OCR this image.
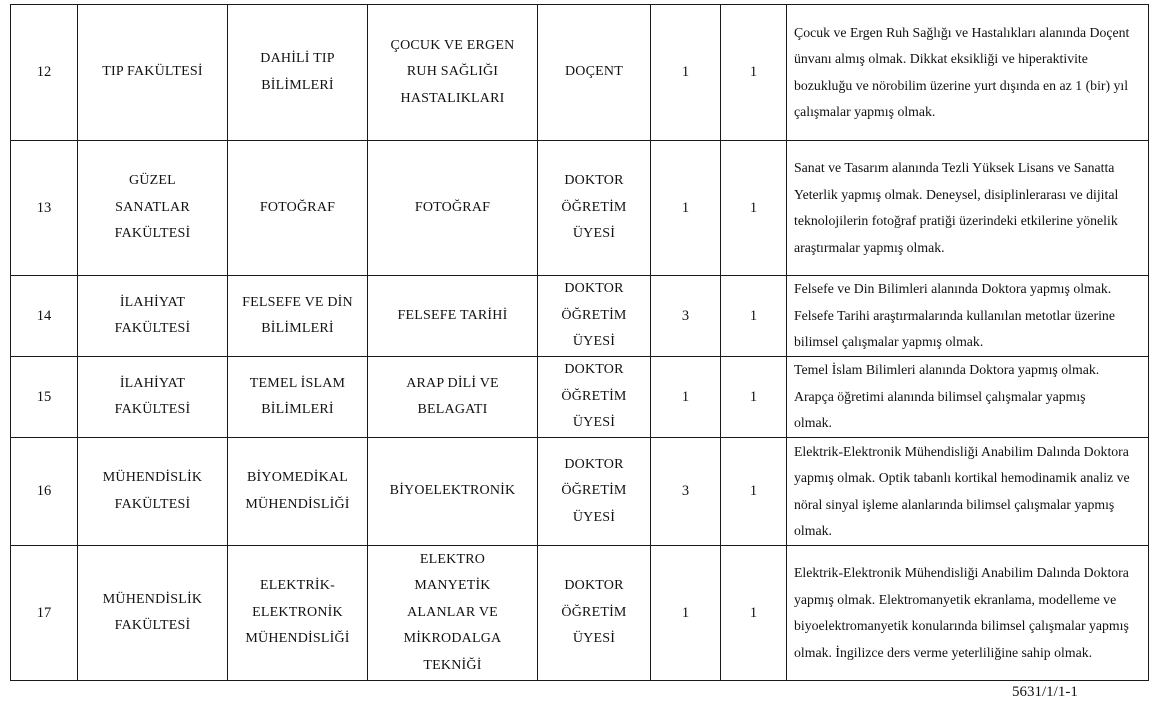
12	TIP FAKÜLTESİ	DAHİLİ TIP BİLİMLERİ	ÇOCUK VE ERGEN RUH SAĞLIĞI HASTALIKLARI	DOÇENT	1	1	Çocuk ve Ergen Ruh Sağlığı ve Hastalıkları alanında Doçent ünvanı almış olmak. Dikkat eksikliği ve hiperaktivite bozukluğu ve nörobilim üzerine yurt dışında en az 1 (bir) yıl çalışmalar yapmış olmak.
13	GÜZEL SANATLAR FAKÜLTESİ	FOTOĞRAF	FOTOĞRAF	DOKTOR ÖĞRETİM ÜYESİ	1	1	Sanat ve Tasarım alanında Tezli Yüksek Lisans ve Sanatta Yeterlik yapmış olmak. Deneysel, disiplinlerarası ve dijital teknolojilerin fotoğraf pratiği üzerindeki etkilerine yönelik araştırmalar yapmış olmak.
14	İLAHİYAT FAKÜLTESİ	FELSEFE VE DİN BİLİMLERİ	FELSEFE TARİHİ	DOKTOR ÖĞRETİM ÜYESİ	3	1	Felsefe ve Din Bilimleri alanında Doktora yapmış olmak. Felsefe Tarihi araştırmalarında kullanılan metotlar üzerine bilimsel çalışmalar yapmış olmak.
15	İLAHİYAT FAKÜLTESİ	TEMEL İSLAM BİLİMLERİ	ARAP DİLİ VE BELAGATI	DOKTOR ÖĞRETİM ÜYESİ	1	1	Temel İslam Bilimleri alanında Doktora yapmış olmak. Arapça öğretimi alanında bilimsel çalışmalar yapmış olmak.
16	MÜHENDİSLİK FAKÜLTESİ	BİYOMEDİKAL MÜHENDİSLİĞİ	BİYOELEKTRONİK	DOKTOR ÖĞRETİM ÜYESİ	3	1	Elektrik-Elektronik Mühendisliği Anabilim Dalında Doktora yapmış olmak. Optik tabanlı kortikal hemodinamik analiz ve nöral sinyal işleme alanlarında bilimsel çalışmalar yapmış olmak.
17	MÜHENDİSLİK FAKÜLTESİ	ELEKTRİK-ELEKTRONİK MÜHENDİSLİĞİ	ELEKTRO MANYETİK ALANLAR VE MİKRODALGA TEKNİĞİ	DOKTOR ÖĞRETİM ÜYESİ	1	1	Elektrik-Elektronik Mühendisliği Anabilim Dalında Doktora yapmış olmak. Elektromanyetik ekranlama, modelleme ve biyoelektromanyetik konularında bilimsel çalışmalar yapmış olmak. İngilizce ders verme yeterliliğine sahip olmak.
5631/1/1-1
